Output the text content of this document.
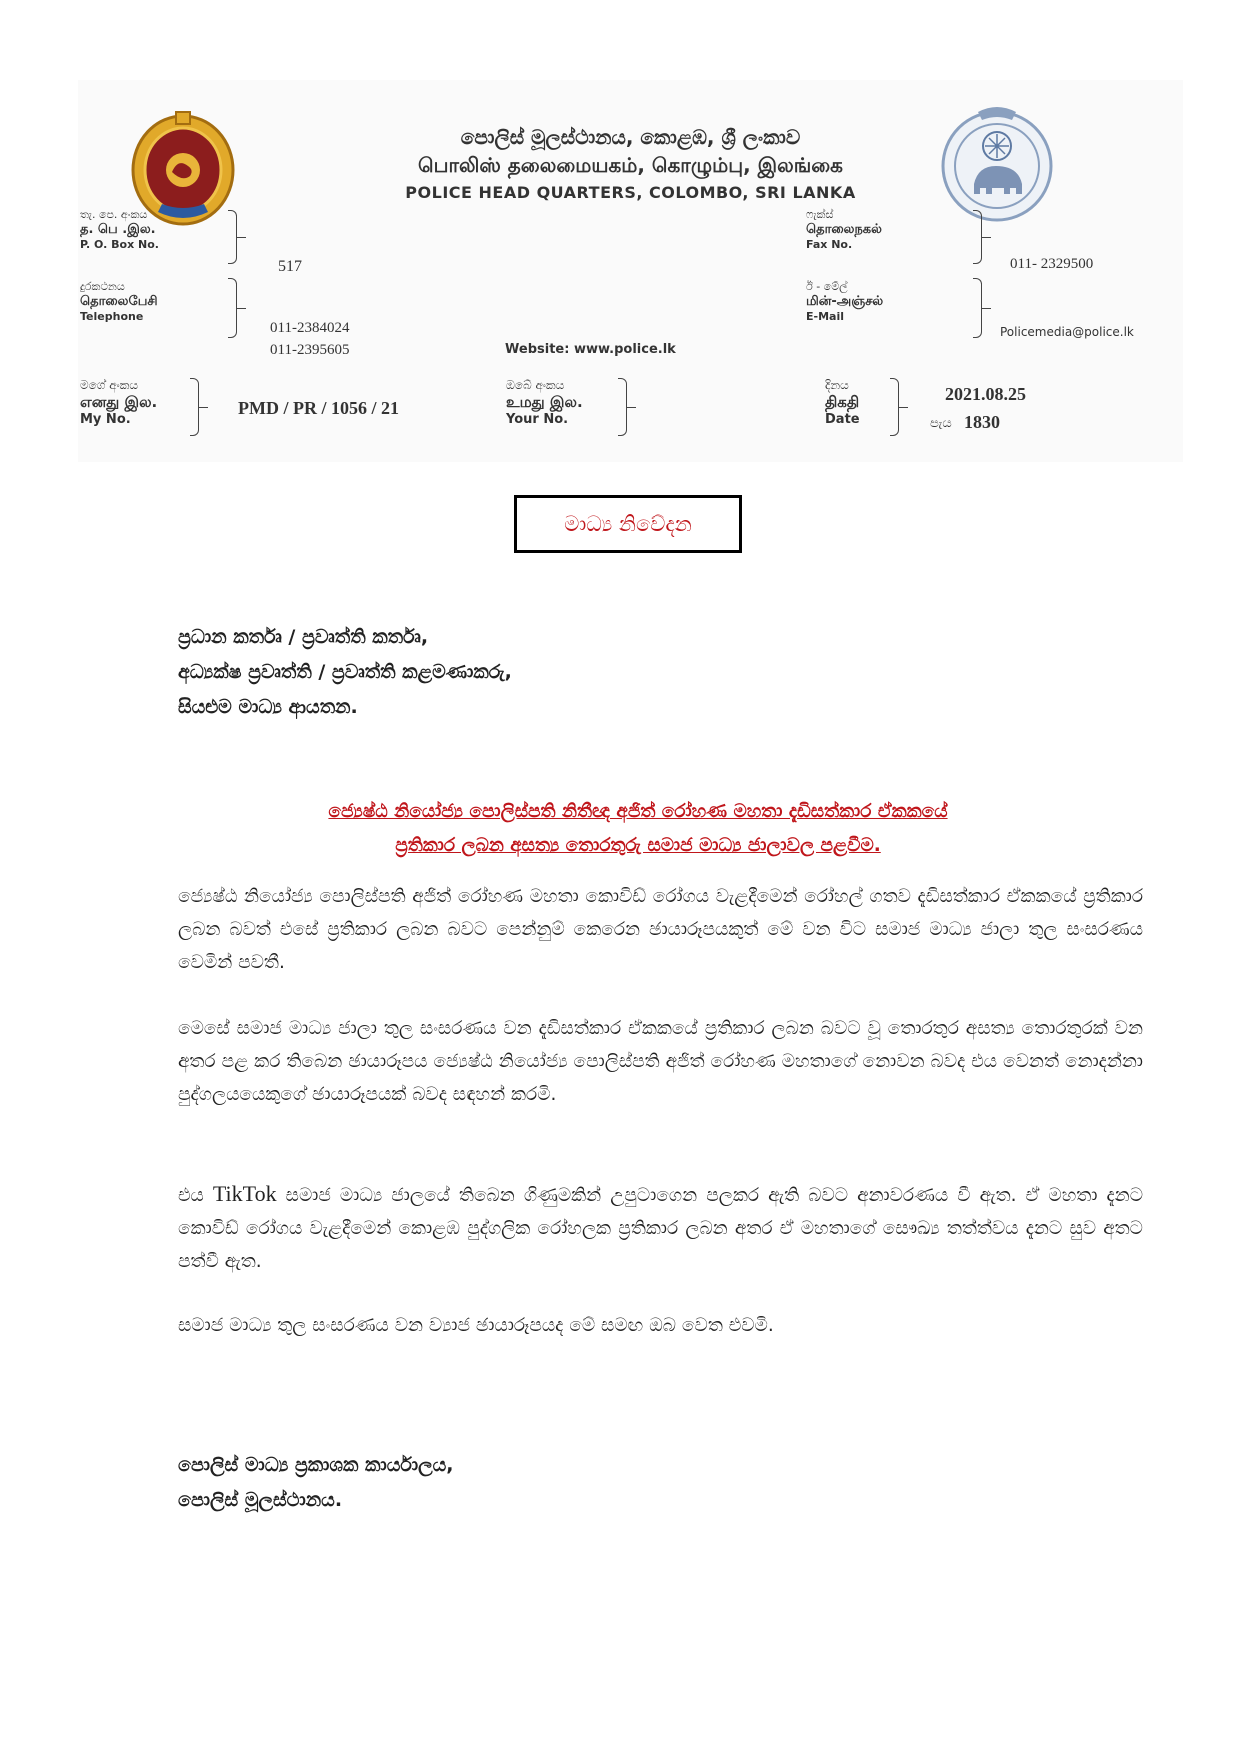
පොලිස් මූලස්ථානය, කොළඹ, ශ්‍රී ලංකාව
பொலிஸ் தலைமையகம், கொழும்பு, இலங்கை
POLICE HEAD QUARTERS, COLOMBO, SRI LANKA
තැ. පෙ. අංකය
த. பெ .இல.
P. O. Box No.
517
දුරකථනය
தொலைபேசி
Telephone
011-2384024
011-2395605	Website: www.police.lk
ෆැක්ස්
தொலைநகல்
Fax No.
011- 2329500
ඊ - මේල්
மின்-அஞ்சல்
E-Mail
Policemedia@police.lk
මගේ අංකය
எனது இல.
My No.
PMD / PR / 1056 / 21
ඔබේ අංකය
உமது இல.
Your No.
දිනය
திகதி
Date
2021.08.25
පැය 1830
මාධ්‍ය නිවේදන
ප්‍රධාන කර්තෘ / ප්‍රවෘත්ති කර්තෘ,
අධ්‍යක්ෂ ප්‍රවෘත්ති / ප්‍රවෘත්ති කළමණාකරු,
සියළුම මාධ්‍ය ආයතන.
ජ්‍යෙෂ්ඨ නියෝජ්‍ය පොලිස්පති නිතීඥ අජිත් රෝහණ මහතා දැඩිසත්කාර ඒකකයේ
ප්‍රතිකාර ලබන අසත්‍ය තොරතුරු සමාජ මාධ්‍ය ජාලාවල පළවීම.
ජ්‍යෙෂ්ඨ නියෝජ්‍ය පොලිස්පති අජිත් රෝහණ මහතා කොවිඩ් රෝගය වැළදීමෙන් රෝහල් ගතව දැඩිසත්කාර ඒකකයේ ප්‍රතිකාර ලබන බවත් එසේ ප්‍රතිකාර ලබන බවට පෙන්නුම් කෙරෙන ඡායාරූපයකුත් මේ වන විට සමාජ මාධ්‍ය ජාලා තුල සංසරණය වෙමින් පවතී.
මෙසේ සමාජ මාධ්‍ය ජාලා තුල සංසරණය වන දැඩිසත්කාර ඒකකයේ ප්‍රතිකාර ලබන බවට වූ තොරතුර අසත්‍ය තොරතුරක් වන අතර පළ කර තිබෙන ඡායාරූපය ජ්‍යෙෂ්ඨ නියෝජ්‍ය පොලිස්පති අජිත් රෝහණ මහතාගේ නොවන බවද එය වෙනත් නොදන්නා පුද්ගලයයෙකුගේ ඡායාරූපයක් බවද සඳහන් කරමි.
එය TikTok සමාජ මාධ්‍ය ජාලයේ තිබෙන ගිණුමකින් උපුටාගෙන පලකර ඇති බවට අනාවරණය වී ඇත. ඒ මහතා දැනට කොවිඩ් රෝගය වැළදීමෙන් කොළඹ පුද්ගලික රෝහලක ප්‍රතිකාර ලබන අතර ඒ මහතාගේ සෞඛ්‍ය තත්ත්වය දැනට සුව අතට පත්වී ඇත.
සමාජ මාධ්‍ය තුල සංසරණය වන ව්‍යාජ ඡායාරූපයද මේ සමඟ ඔබ වෙත එවමි.
පොලිස් මාධ්‍ය ප්‍රකාශක කාර්යාලය,
පොලිස් මූලස්ථානය.
